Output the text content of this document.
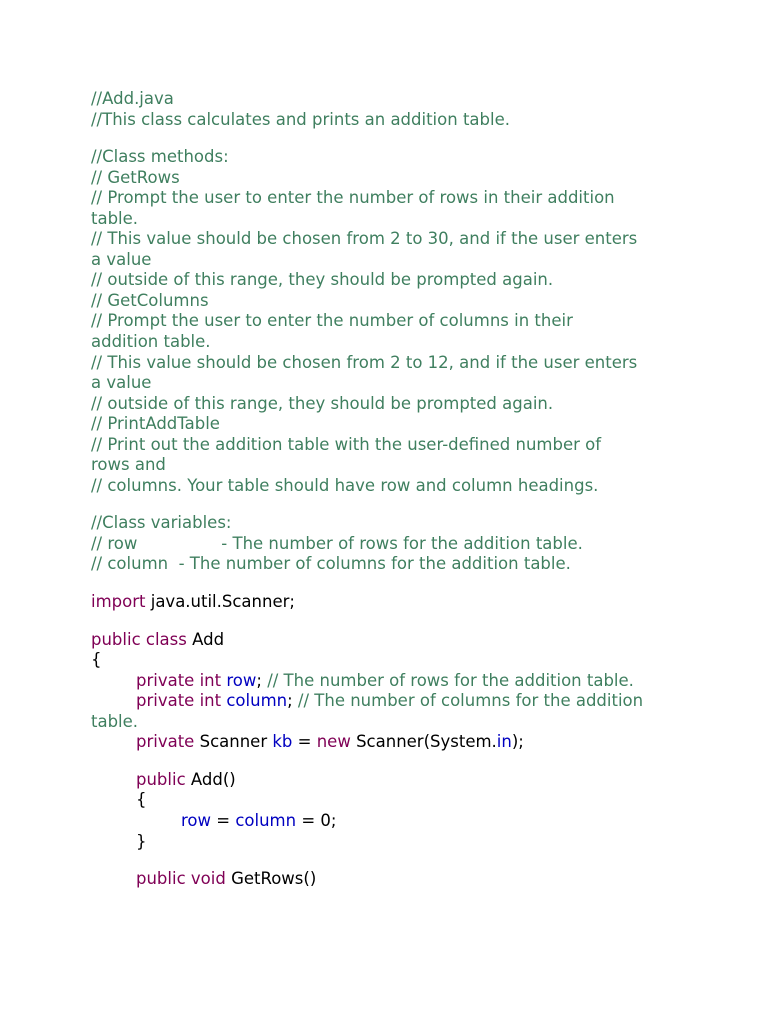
//Add.java
//This class calculates and prints an addition table.
//Class methods:
// GetRows
// Prompt the user to enter the number of rows in their addition
table.
// This value should be chosen from 2 to 30, and if the user enters
a value
// outside of this range, they should be prompted again.
// GetColumns
// Prompt the user to enter the number of columns in their
addition table.
// This value should be chosen from 2 to 12, and if the user enters
a value
// outside of this range, they should be prompted again.
// PrintAddTable
// Print out the addition table with the user-defined number of
rows and
// columns. Your table should have row and column headings.
//Class variables:
// row                - The number of rows for the addition table.
// column  - The number of columns for the addition table.
import java.util.Scanner;
public class Add
{
private int row; // The number of rows for the addition table.
private int column; // The number of columns for the addition
table.
private Scanner kb = new Scanner(System.in);
public Add()
{
row = column = 0;
}
public void GetRows()
